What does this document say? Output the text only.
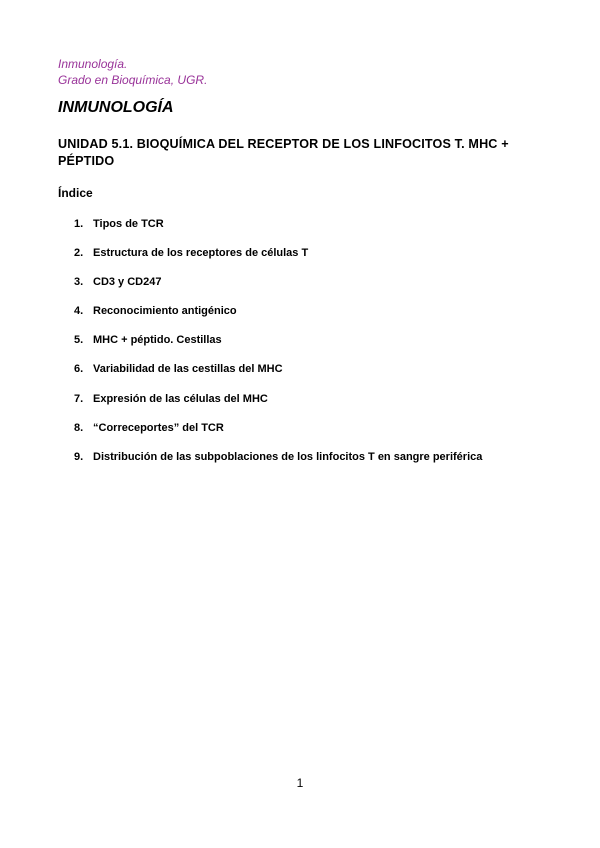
Inmunología.
Grado en Bioquímica, UGR.
INMUNOLOGÍA
UNIDAD 5.1. BIOQUÍMICA DEL RECEPTOR DE LOS LINFOCITOS T. MHC + PÉPTIDO
Índice
1. Tipos de TCR
2. Estructura de los receptores de células T
3. CD3 y CD247
4. Reconocimiento antigénico
5. MHC + péptido. Cestillas
6. Variabilidad de las cestillas del MHC
7. Expresión de las células del MHC
8. “Correceportes” del TCR
9. Distribución de las subpoblaciones de los linfocitos T en sangre periférica
1
